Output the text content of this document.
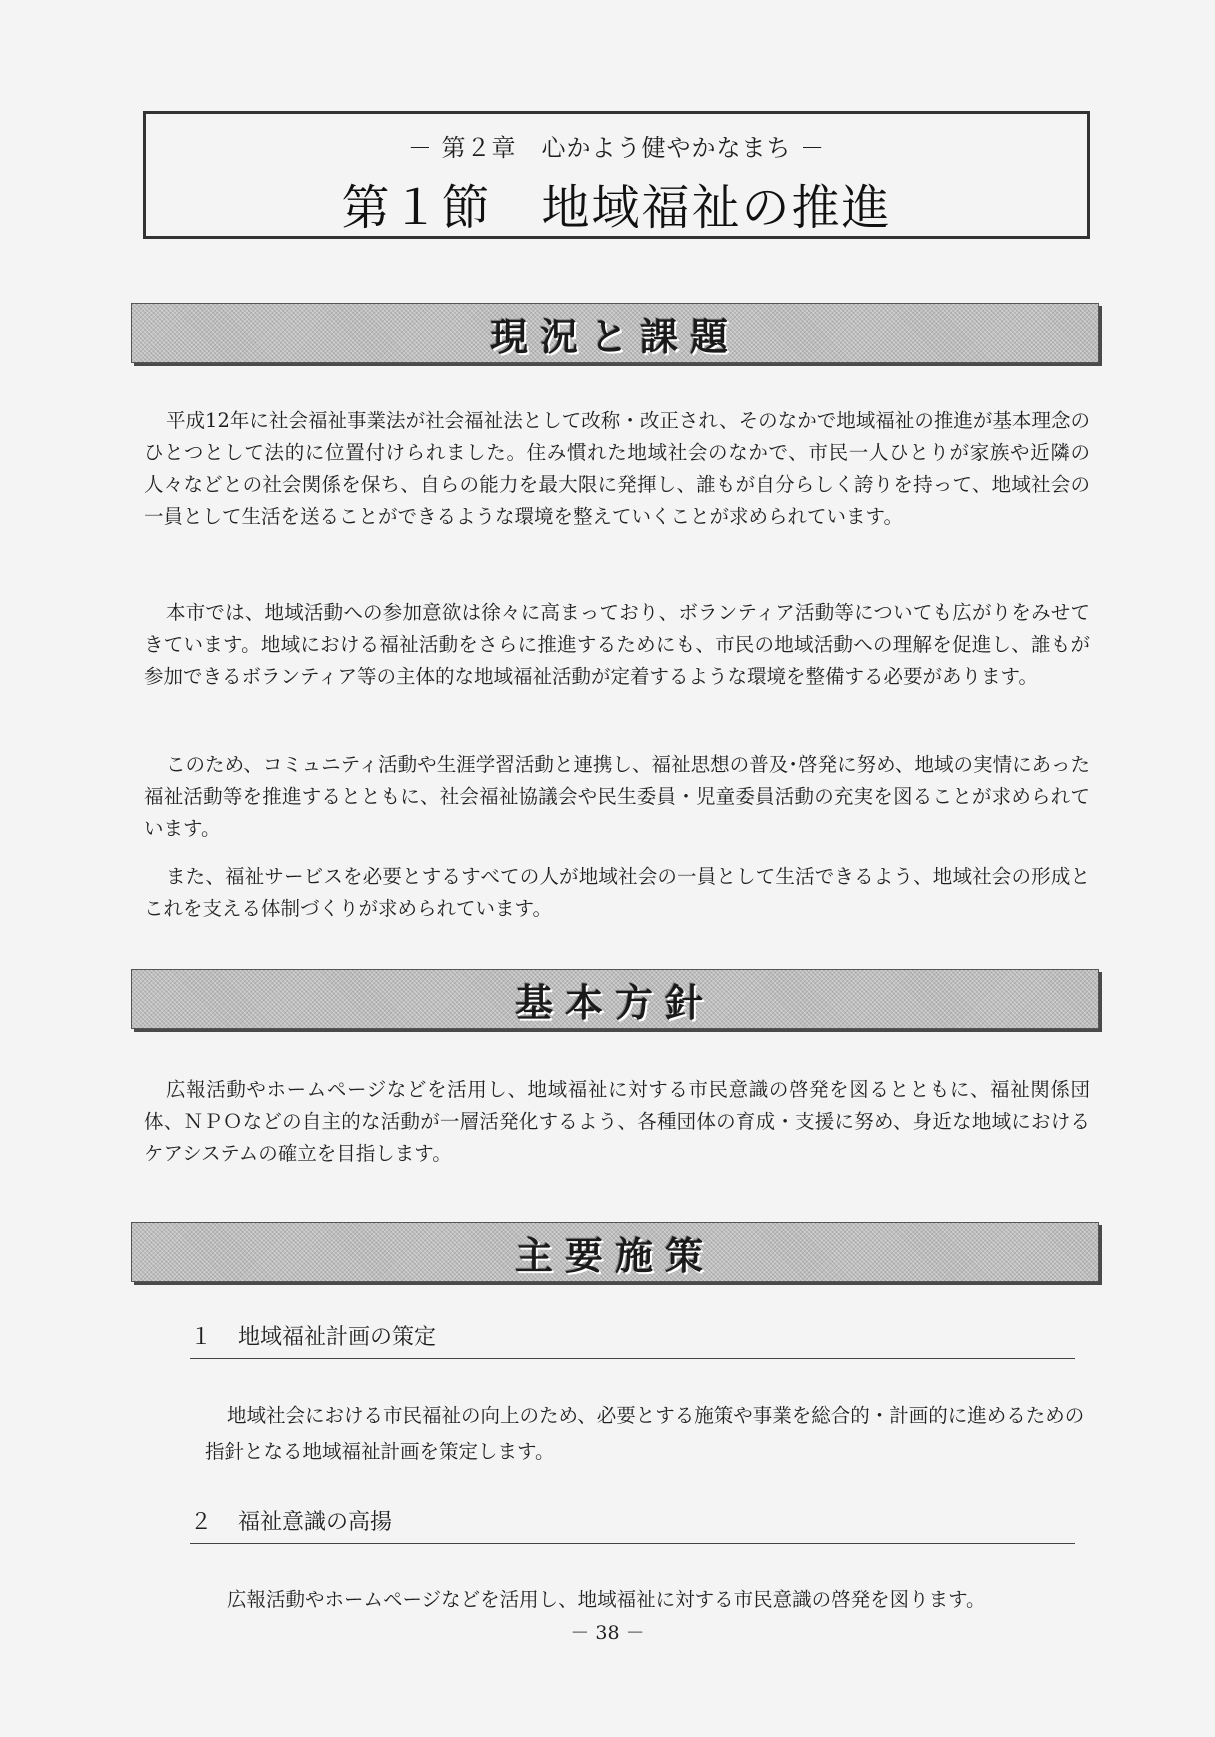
－ 第２章　心かよう健やかなまち －
第１節　地域福祉の推進
現況と課題

平成12年に社会福祉事業法が社会福祉法として改称・改正され、そのなかで地域福祉の推進が基本理念のひとつとして法的に位置付けられました。住み慣れた地域社会のなかで、市民一人ひとりが家族や近隣の人々などとの社会関係を保ち、自らの能力を最大限に発揮し、誰もが自分らしく誇りを持って、地域社会の一員として生活を送ることができるような環境を整えていくことが求められています。

本市では、地域活動への参加意欲は徐々に高まっており、ボランティア活動等についても広がりをみせてきています。地域における福祉活動をさらに推進するためにも、市民の地域活動への理解を促進し、誰もが参加できるボランティア等の主体的な地域福祉活動が定着するような環境を整備する必要があります。

このため、コミュニティ活動や生涯学習活動と連携し、福祉思想の普及･啓発に努め、地域の実情にあった福祉活動等を推進するとともに、社会福祉協議会や民生委員・児童委員活動の充実を図ることが求められています。

また、福祉サービスを必要とするすべての人が地域社会の一員として生活できるよう、地域社会の形成とこれを支える体制づくりが求められています。

基本方針

広報活動やホームページなどを活用し、地域福祉に対する市民意識の啓発を図るとともに、福祉関係団体、ＮＰＯなどの自主的な活動が一層活発化するよう、各種団体の育成・支援に努め、身近な地域におけるケアシステムの確立を目指します。

主要施策
１ 地域福祉計画の策定

地域社会における市民福祉の向上のため、必要とする施策や事業を総合的・計画的に進めるための指針となる地域福祉計画を策定します。

２ 福祉意識の高揚

広報活動やホームページなどを活用し、地域福祉に対する市民意識の啓発を図ります。

－ 38 －
